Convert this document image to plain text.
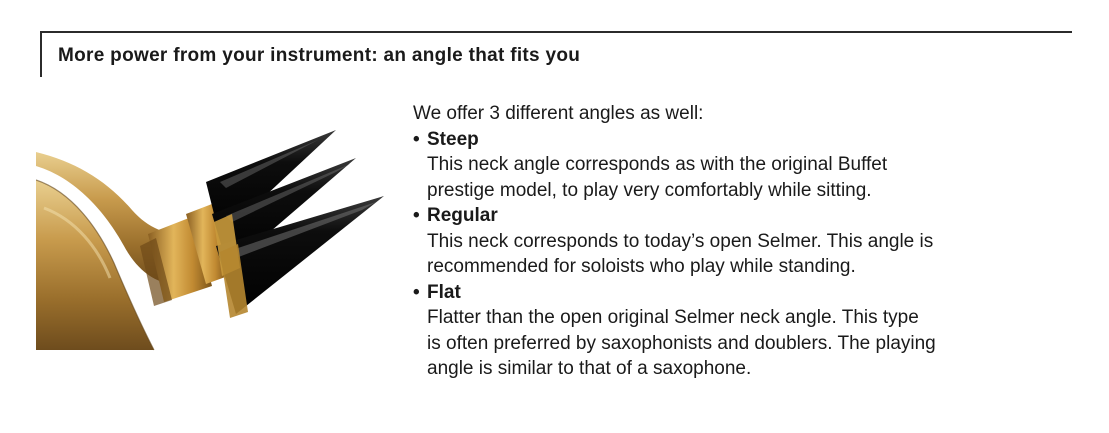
More power from your instrument: an angle that fits you

We offer 3 different angles as well:

• Steep
This neck angle corresponds as with the original Buffet
prestige model, to play very comfortably while sitting.
• Regular
This neck corresponds to today’s open Selmer. This angle is
recommended for soloists who play while standing.
• Flat
Flatter than the open original Selmer neck angle. This type
is often preferred by saxophonists and doublers. The playing
angle is similar to that of a saxophone.
